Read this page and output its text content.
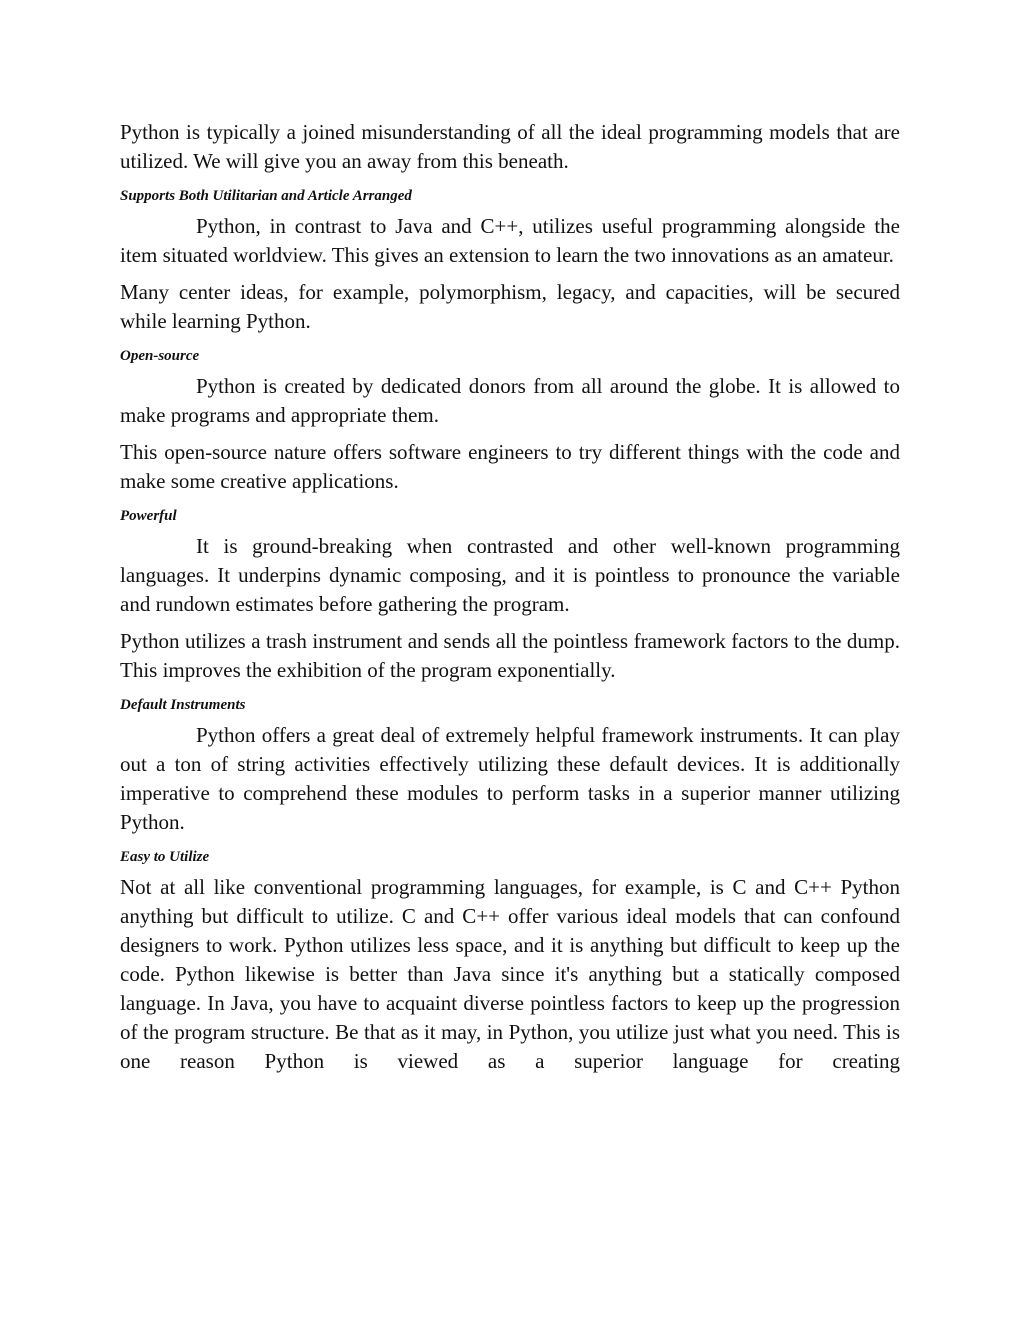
Python is typically a joined misunderstanding of all the ideal programming models that are utilized. We will give you an away from this beneath.

Supports Both Utilitarian and Article Arranged

Python, in contrast to Java and C++, utilizes useful programming alongside the item situated worldview. This gives an extension to learn the two innovations as an amateur.

Many center ideas, for example, polymorphism, legacy, and capacities, will be secured while learning Python.

Open-source

Python is created by dedicated donors from all around the globe. It is allowed to make programs and appropriate them.

This open-source nature offers software engineers to try different things with the code and make some creative applications.

Powerful

It is ground-breaking when contrasted and other well-known programming languages. It underpins dynamic composing, and it is pointless to pronounce the variable and rundown estimates before gathering the program.

Python utilizes a trash instrument and sends all the pointless framework factors to the dump. This improves the exhibition of the program exponentially.

Default Instruments

Python offers a great deal of extremely helpful framework instruments. It can play out a ton of string activities effectively utilizing these default devices. It is additionally imperative to comprehend these modules to perform tasks in a superior manner utilizing Python.

Easy to Utilize

Not at all like conventional programming languages, for example, is C and C++ Python anything but difficult to utilize. C and C++ offer various ideal models that can confound designers to work. Python utilizes less space, and it is anything but difficult to keep up the code. Python likewise is better than Java since it's anything but a statically composed language. In Java, you have to acquaint diverse pointless factors to keep up the progression of the program structure. Be that as it may, in Python, you utilize just what you need. This is one reason Python is viewed as a superior language for creating
